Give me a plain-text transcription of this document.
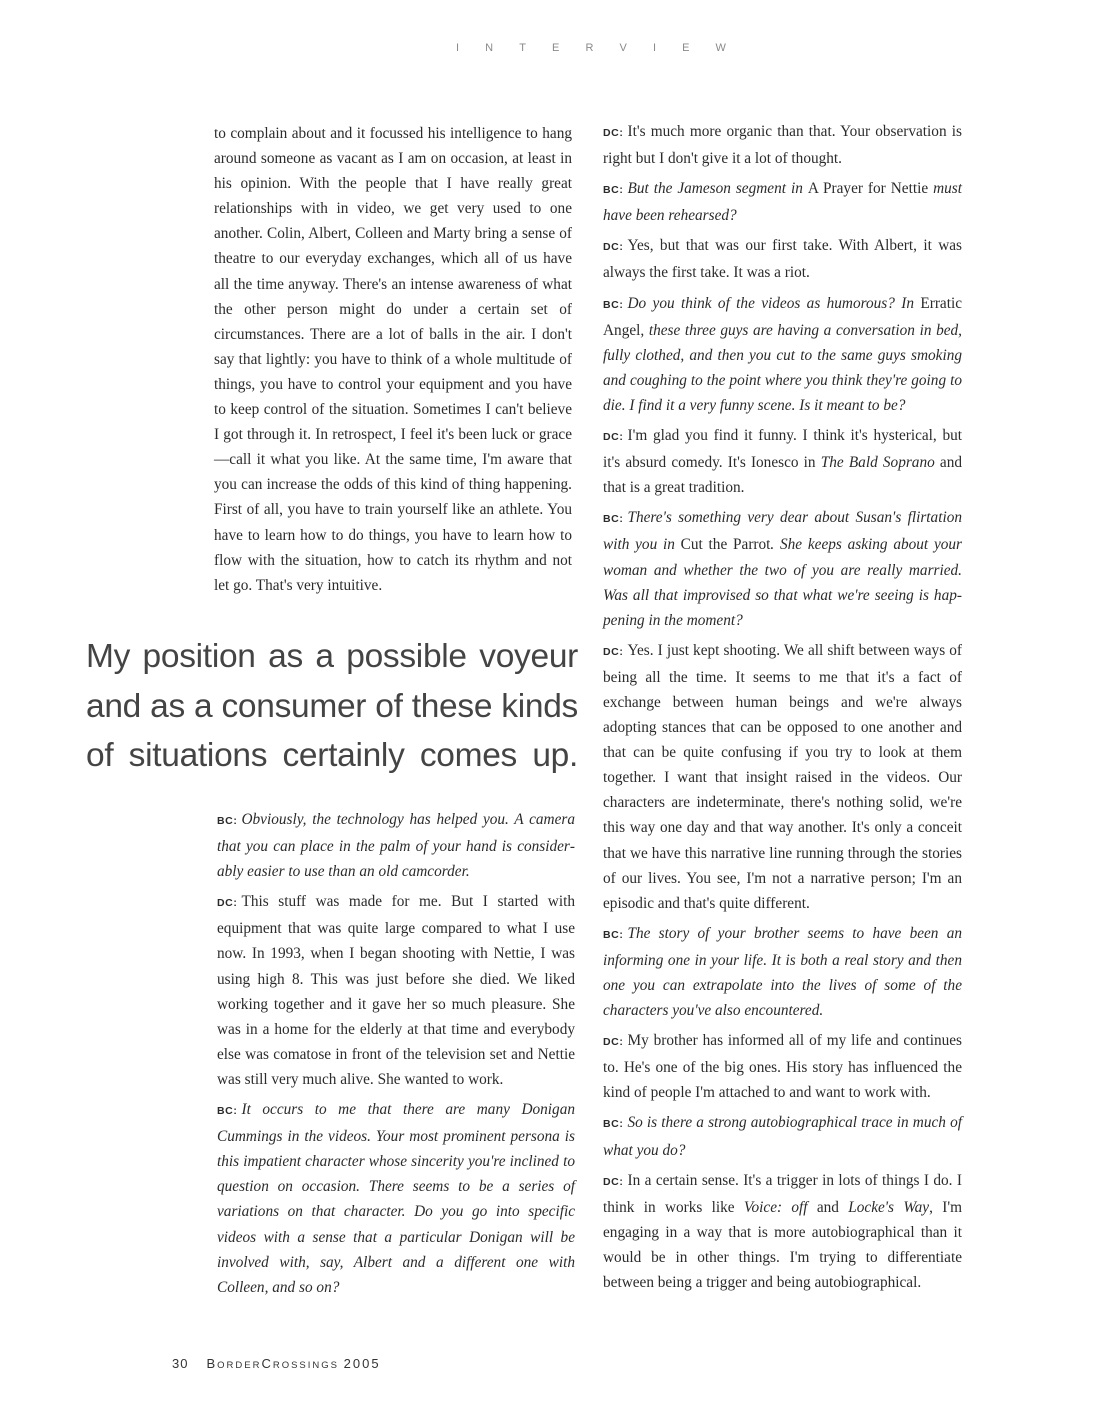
I N T E R V I E W

to complain about and it focussed his intelligence to hang around someone as vacant as I am on occasion, at least in his opinion. With the people that I have really great relationships with in video, we get very used to one another. Colin, Albert, Colleen and Marty bring a sense of theatre to our everyday exchanges, which all of us have all the time anyway. There's an intense awareness of what the other person might do under a certain set of circumstances. There are a lot of balls in the air. I don't say that lightly: you have to think of a whole multitude of things, you have to control your equipment and you have to keep control of the situation. Sometimes I can't believe I got through it. In retrospect, I feel it's been luck or grace—call it what you like. At the same time, I'm aware that you can increase the odds of this kind of thing happening. First of all, you have to train yourself like an athlete. You have to learn how to do things, you have to learn how to flow with the situation, how to catch its rhythm and not let go. That's very intuitive.

My position as a possible voyeur and as a consumer of these kinds of situations certainly comes up.

BC: Obviously, the technology has helped you. A camera that you can place in the palm of your hand is considerably easier to use than an old camcorder.

DC: This stuff was made for me. But I started with equipment that was quite large compared to what I use now. In 1993, when I began shooting with Nettie, I was using high 8. This was just before she died. We liked working together and it gave her so much pleasure. She was in a home for the elderly at that time and everybody else was comatose in front of the television set and Nettie was still very much alive. She wanted to work.

BC: It occurs to me that there are many Donigan Cummings in the videos. Your most prominent persona is this impatient character whose sincerity you're inclined to question on occasion. There seems to be a series of variations on that character. Do you go into specific videos with a sense that a particular Donigan will be involved with, say, Albert and a different one with Colleen, and so on?

DC: It's much more organic than that. Your observation is right but I don't give it a lot of thought.

BC: But the Jameson segment in A Prayer for Nettie must have been rehearsed?

DC: Yes, but that was our first take. With Albert, it was always the first take. It was a riot.

BC: Do you think of the videos as humorous? In Erratic Angel, these three guys are having a conversation in bed, fully clothed, and then you cut to the same guys smoking and coughing to the point where you think they're going to die. I find it a very funny scene. Is it meant to be?

DC: I'm glad you find it funny. I think it's hysterical, but it's absurd comedy. It's Ionesco in The Bald Soprano and that is a great tradition.

BC: There's something very dear about Susan's flirtation with you in Cut the Parrot. She keeps asking about your woman and whether the two of you are really married. Was all that improvised so that what we're seeing is happening in the moment?

DC: Yes. I just kept shooting. We all shift between ways of being all the time. It seems to me that it's a fact of exchange between human beings and we're always adopting stances that can be opposed to one another and that can be quite confusing if you try to look at them together. I want that insight raised in the videos. Our characters are indeterminate, there's nothing solid, we're this way one day and that way another. It's only a conceit that we have this narrative line running through the stories of our lives. You see, I'm not a narrative person; I'm an episodic and that's quite different.

BC: The story of your brother seems to have been an informing one in your life. It is both a real story and then one you can extrapolate into the lives of some of the characters you've also encountered.

DC: My brother has informed all of my life and continues to. He's one of the big ones. His story has influenced the kind of people I'm attached to and want to work with.

BC: So is there a strong autobiographical trace in much of what you do?

DC: In a certain sense. It's a trigger in lots of things I do. I think in works like Voice: off and Locke's Way, I'm engaging in a way that is more autobiographical than it would be in other things. I'm trying to differentiate between being a trigger and being autobiographical.

30 BORDERCROSSINGS 2005
